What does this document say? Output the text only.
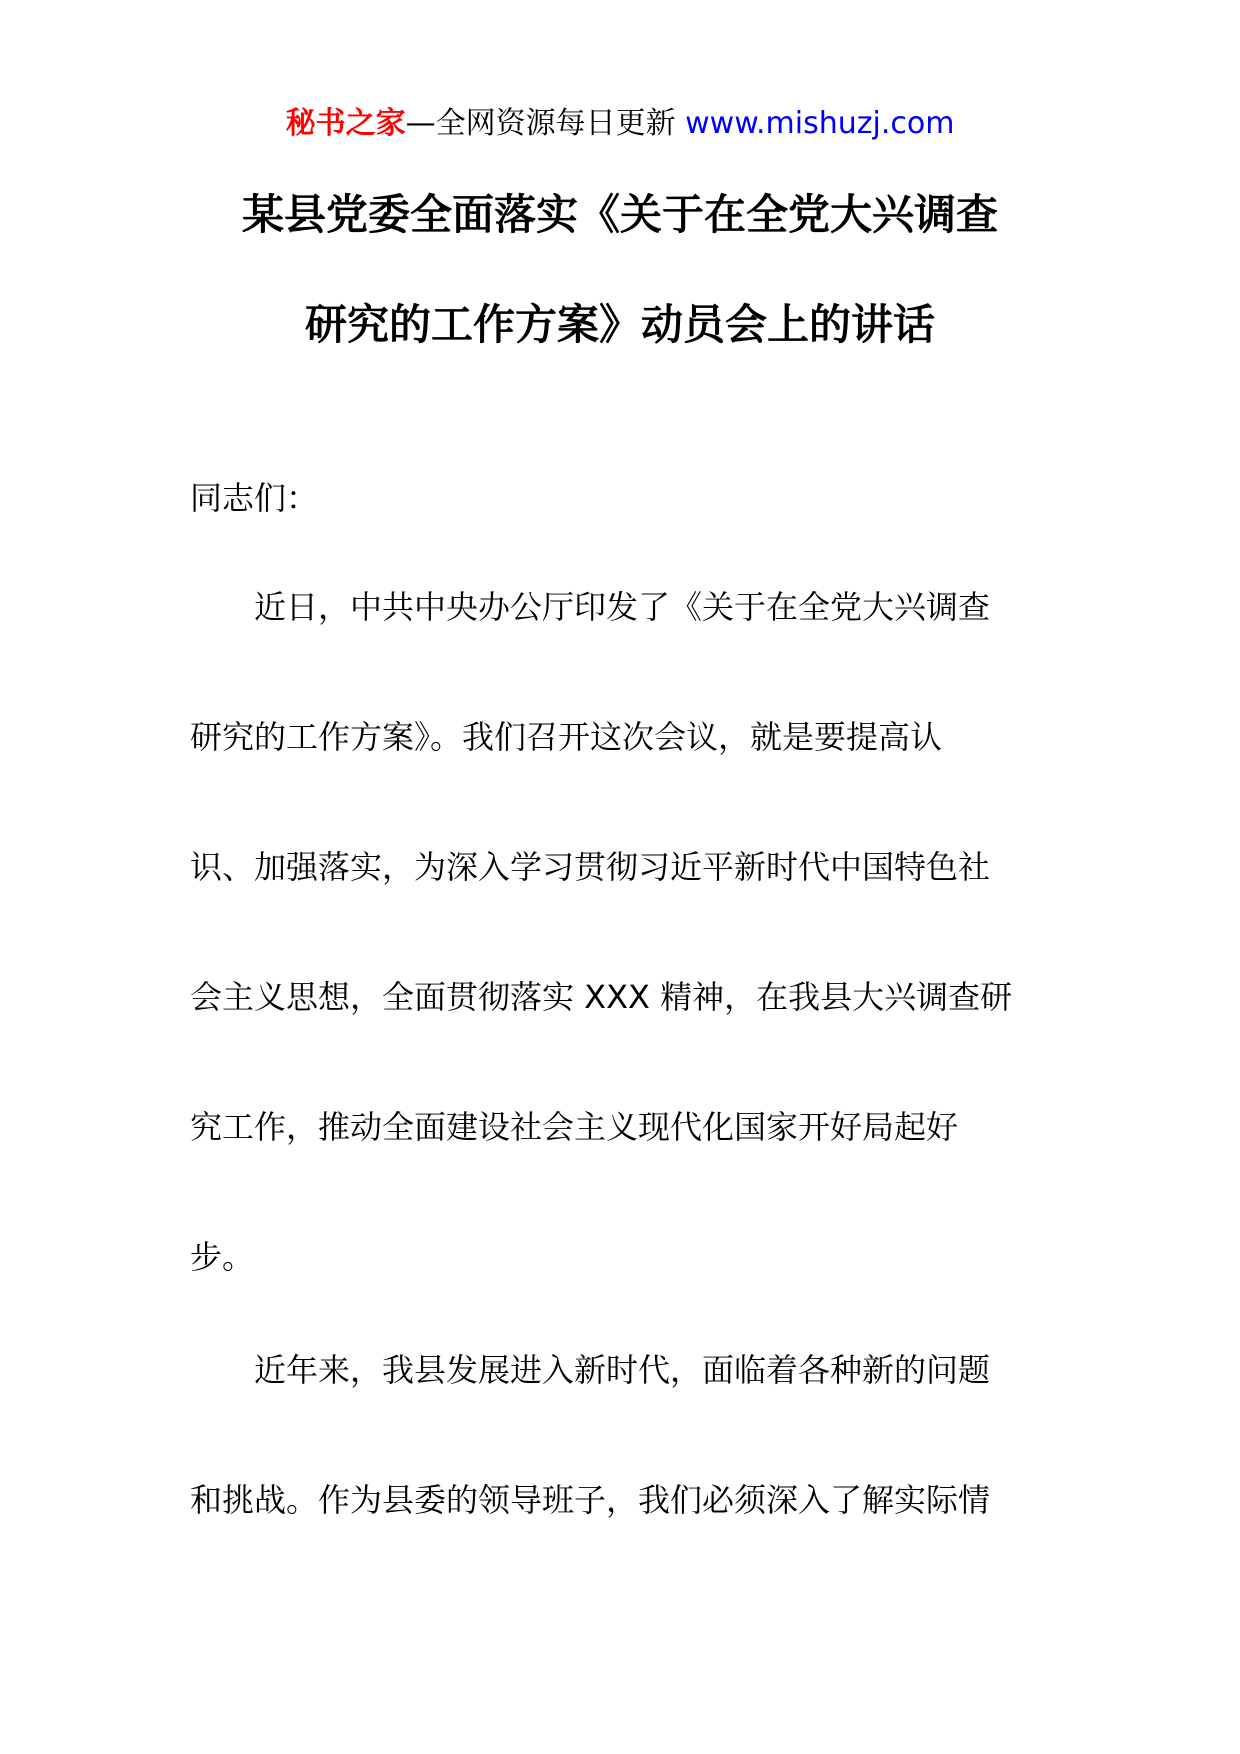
秘书之家—全网资源每日更新 www.mishuzj.com
某县党委全面落实《关于在全党大兴调查
研究的工作方案》动员会上的讲话
同志们：
　　近日，中共中央办公厅印发了《关于在全党大兴调查
研究的工作方案》。我们召开这次会议，就是要提高认
识、加强落实，为深入学习贯彻习近平新时代中国特色社
会主义思想，全面贯彻落实 XXX 精神，在我县大兴调查研
究工作，推动全面建设社会主义现代化国家开好局起好
步。
　　近年来，我县发展进入新时代，面临着各种新的问题
和挑战。作为县委的领导班子，我们必须深入了解实际情
